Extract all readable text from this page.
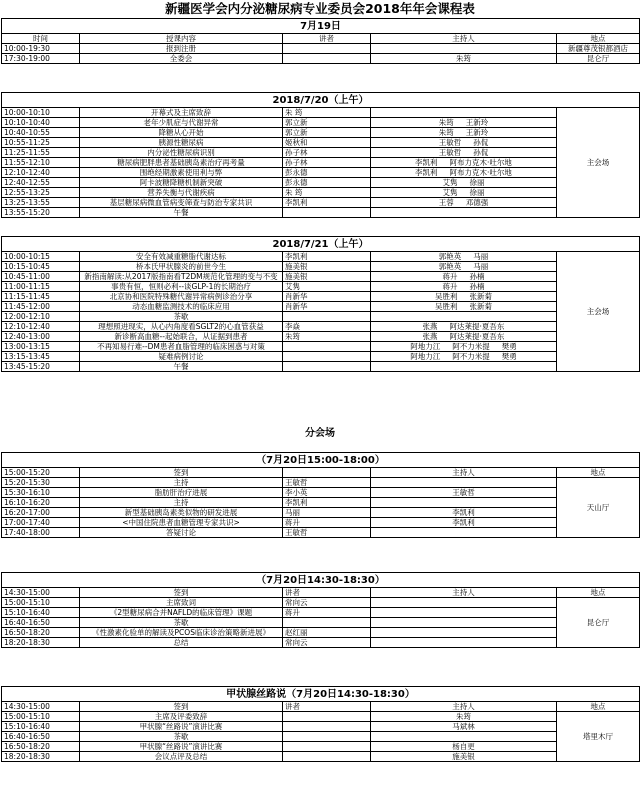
新疆医学会内分泌糖尿病专业委员会2018年年会课程表
7月19日				
时间	授课内容	讲者	主持人	地点
10:00-19:30	报到注册			新疆尊茂银都酒店
17:30-19:00	全委会		朱筠	昆仑厅
2018/7/20（上午）				
10:00-10:10	开幕式及主席致辞	朱 筠		主会场
10:10-10:40	老年少肌症与代谢异常	郭立新	朱筠 王新玲	
10:40-10:55	降糖从心开始	郭立新	朱筠 王新玲	
10:55-11:25	胰源性糖尿病	姬秋和	王敏哲 孙侃	
11:25-11:55	内分泌性糖尿病识别	孙子林	王敏哲 孙侃	
11:55-12:10	糖尿病肥胖患者基础胰岛素治疗再考量	孙子林	李凯利 阿布力克木·吐尔地	
12:10-12:40	围绝经期激素使用利与弊	彭永德	李凯利 阿布力克木·吐尔地	
12:40-12:55	阿卡波糖降糖机制新突破	彭永德	艾隽 徐丽	
12:55-13:25	营养失衡与代谢疾病	朱 筠	艾隽 徐丽	
13:25-13:55	基层糖尿病微血管病变筛查与防治专家共识	李凯利	王蓉 邓德强	
13:55-15:20	午餐			
2018/7/21（上午）				
10:00-10:15	安全有效减重糖脂代谢达标	李凯利	郭艳英 马丽	主会场
10:15-10:45	桥本氏甲状腺炎的前世今生	施美银	郭艳英 马丽	
10:45-11:00	新指南解读:从2017版指南看T2DM规范化管理的变与不变	施美银	蒋升 孙楠	
11:00-11:15	事贵有恒，恒则必利--谈GLP-1的长期治疗	艾隽	蒋升 孙楠	
11:15-11:45	北京协和医院特殊糖代谢异常病例诊治分享	肖新华	吴胜利 张新菊	
11:45-12:00	动态血糖监测技术的临床应用	肖新华	吴胜利 张新菊	
12:00-12:10	茶歇			
12:10-12:40	理想照进现实，从心内角度看SGLT2的心血管获益	李焱	张燕 阿达莱提·夏吾东	
12:40-13:00	新诊断高血糖--起始联合，从证据到患者	朱筠	张燕 阿达莱提·夏吾东	
13:00-13:15	不再知易行难--DM患者血脂管理的临床困惑与对策		阿地力江 阿不力米提 樊勇	
13:15-13:45	疑难病例讨论		阿地力江 阿不力米提 樊勇	
13:45-15:20	午餐			
分会场
（7月20日15:00-18:00）				
15:00-15:20	签到		主持人	地点
15:20-15:30	主持	王敏哲		天山厅
15:30-16:10	脂肪肝治疗进展	李小英	王敏哲	
16:10-16:20	主持	李凯利		
16:20-17:00	新型基础胰岛素类似物的研发进展	马丽	李凯利	
17:00-17:40	<中国住院患者血糖管理专家共识>	蒋升	李凯利	
17:40-18:00	答疑讨论	王敏哲		
（7月20日14:30-18:30）				
14:30-15:00	签到	讲者	主持人	地点
15:00-15:10	主席致词	常向云		昆仑厅
15:10-16:40	《2型糖尿病合并NAFLD的临床管理》课题	蒋升		
16:40-16:50	茶歇			
16:50-18:20	《性激素化验单的解读及PCOS临床诊治策略新进展》	赵红丽		
18:20-18:30	总结	常向云		
甲状腺丝路说（7月20日14:30-18:30）				
14:30-15:00	签到	讲者	主持人	地点
15:00-15:10	主席及评委致辞		朱筠	塔里木厅
15:10-16:40	甲状腺“丝路说”演讲比赛		马斌林	
16:40-16:50	茶歇			
16:50-18:20	甲状腺“丝路说”演讲比赛		杨自更	
18:20-18:30	会议点评及总结		施美银	
